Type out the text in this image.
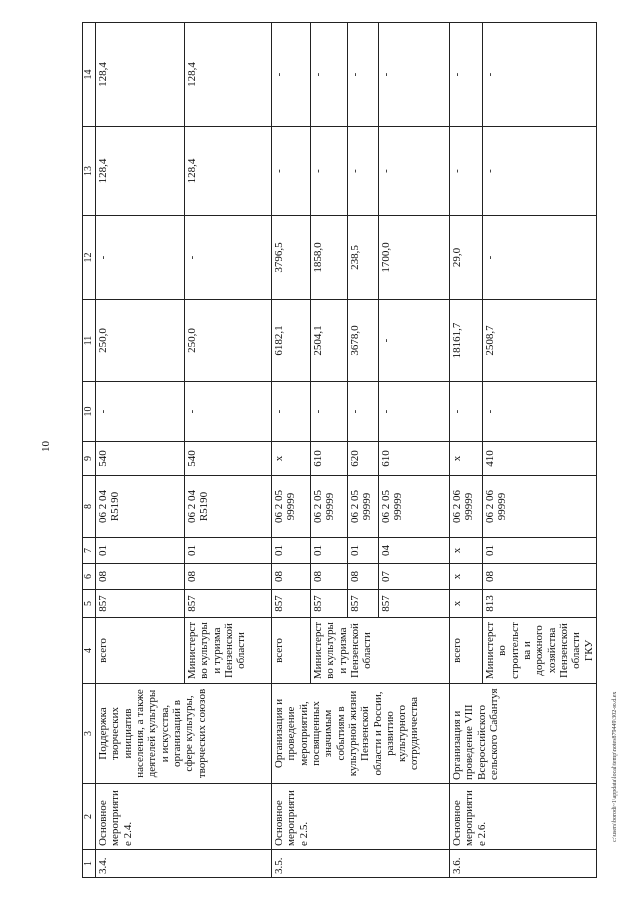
10
c:\users\borodi~1\appdata\local\temp\notes879449\302-ю.d.ex
1	2	3	4	5	6	7	8	9	10	11	12	13	14
3.4.	Основное мероприятие 2.4.	Поддержка творческих инициатив населения, а также деятелей культуры и искусства, организаций в сфере культуры, творческих союзов	всего	857	08	01	06 2 04 R5190	540	-	250,0	-	128,4	128,4
			Министерство культуры и туризма Пензенской области	857	08	01	06 2 04 R5190	540	-	250,0	-	128,4	128,4
3.5.	Основное мероприятие 2.5.	Организация и проведение мероприятий, посвященных значимым событиям в культурной жизни Пензенской области и России, развитию культурного сотрудничества	всего	857	08	01	06 2 05 99999	х	-	6182,1	3796,5	-	-
			Министерство культуры и туризма Пензенской области	857	08	01	06 2 05 99999	610	-	2504,1	1858,0	-	-
				857	08	01	06 2 05 99999	620	-	3678,0	238,5	-	-
				857	07	04	06 2 05 99999	610	-	-	1700,0	-	-
3.6.	Основное мероприятие 2.6.	Организация и проведение VIII Всероссийского сельского Сабантуя	всего	х	х	х	06 2 06 99999	х	-	18161,7	29,0	-	-
			Министерство строительства и дорожного хозяйства Пензенской области ГКУ	813	08	01	06 2 06 99999	410	-	2508,7	-	-	-
